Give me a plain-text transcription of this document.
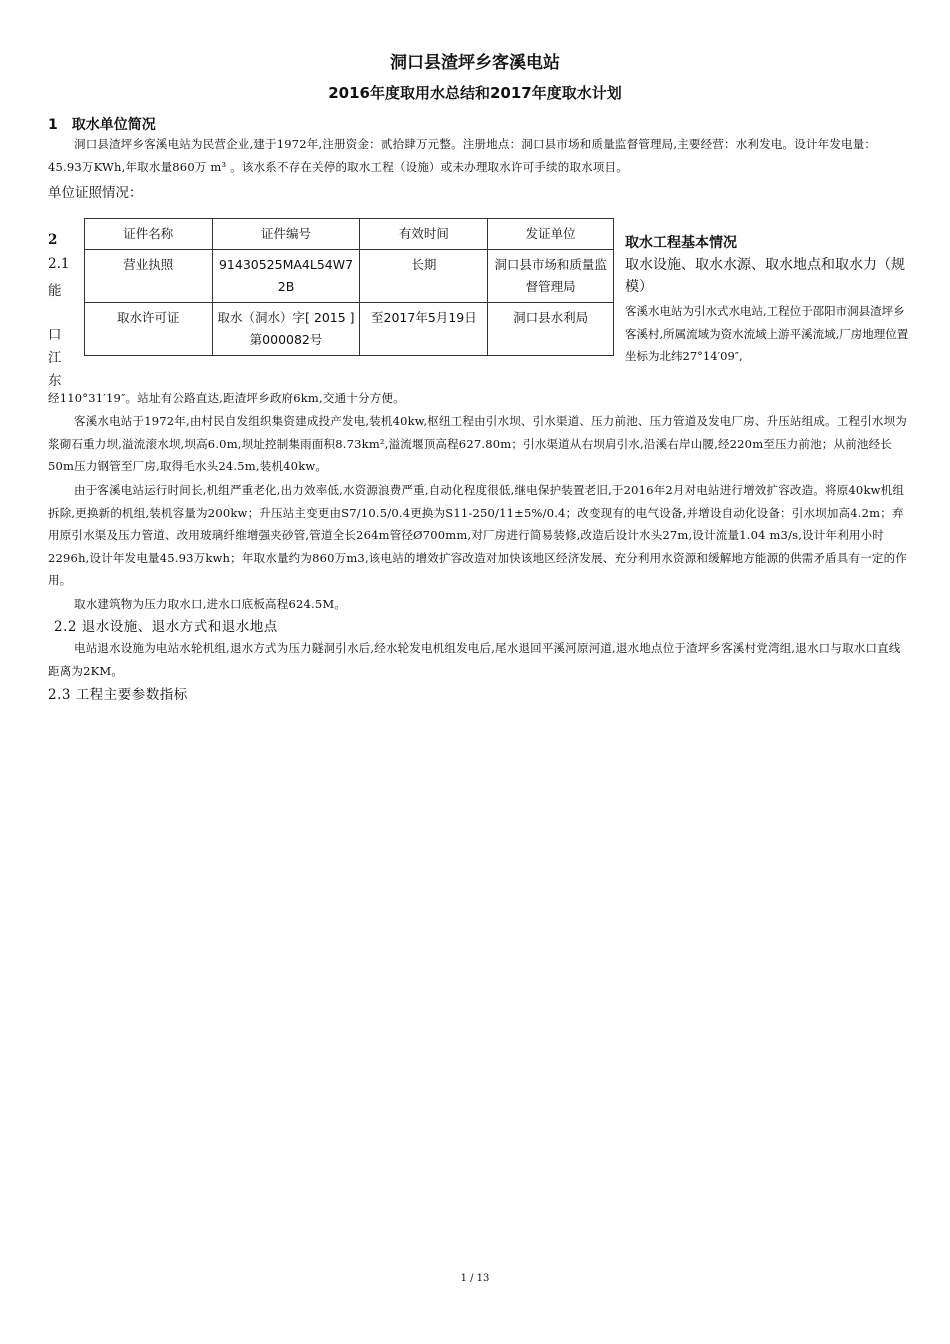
洞口县渣坪乡客溪电站
2016年度取用水总结和2017年度取水计划
1 取水单位简况
洞口县渣坪乡客溪电站为民营企业,建于1972年,注册资金：贰拾肆万元整。注册地点：洞口县市场和质量监督管理局,主要经营：水利发电。设计年发电量：45.93万KWh,年取水量860万 m³ 。该水系不存在关停的取水工程（设施）或未办理取水许可手续的取水项目。
单位证照情况：
证件名称	证件编号	有效时间	发证单位
营业执照	91430525MA4L54W72B	长期	洞口县市场和质量监督管理局
取水许可证	取水（洞水）字[ 2015 ]第000082号	至2017年5月19日	洞口县水利局
2
2.1
能
口
江
东
取水工程基本情况
取水设施、取水水源、取水地点和取水力（规模）
客溪水电站为引水式水电站,工程位于邵阳市洞县渣坪乡客溪村,所属流域为资水流域上游平溪流域,厂房地理位置坐标为北纬27°14′09″,
经110°31′19″。站址有公路直达,距渣坪乡政府6km,交通十分方便。
客溪水电站于1972年,由村民自发组织集资建成投产发电,装机40kw,枢纽工程由引水坝、引水渠道、压力前池、压力管道及发电厂房、升压站组成。工程引水坝为浆砌石重力坝,溢流滚水坝,坝高6.0m,坝址控制集雨面积8.73km²,溢流堰顶高程627.80m；引水渠道从右坝肩引水,沿溪右岸山腰,经220m至压力前池；从前池经长50m压力钢管至厂房,取得毛水头24.5m,装机40kw。
由于客溪电站运行时间长,机组严重老化,出力效率低,水资源浪费严重,自动化程度很低,继电保护装置老旧,于2016年2月对电站进行增效扩容改造。将原40kw机组拆除,更换新的机组,装机容量为200kw；升压站主变更由S7/10.5/0.4更换为S11-250/11±5%/0.4；改变现有的电气设备,并增设自动化设备：引水坝加高4.2m；弃用原引水渠及压力管道、改用玻璃纤维增强夹砂管,管道全长264m管径Ø700mm,对厂房进行简易装修,改造后设计水头27m,设计流量1.04 m3/s,设计年利用小时2296h,设计年发电量45.93万kwh；年取水量约为860万m3,该电站的增效扩容改造对加快该地区经济发展、充分利用水资源和缓解地方能源的供需矛盾具有一定的作用。
取水建筑物为压力取水口,进水口底板高程624.5M。
2.2 退水设施、退水方式和退水地点
电站退水设施为电站水轮机组,退水方式为压力隧洞引水后,经水轮发电机组发电后,尾水退回平溪河原河道,退水地点位于渣坪乡客溪村党湾组,退水口与取水口直线距离为2KM。
2.3 工程主要参数指标
1 / 13
